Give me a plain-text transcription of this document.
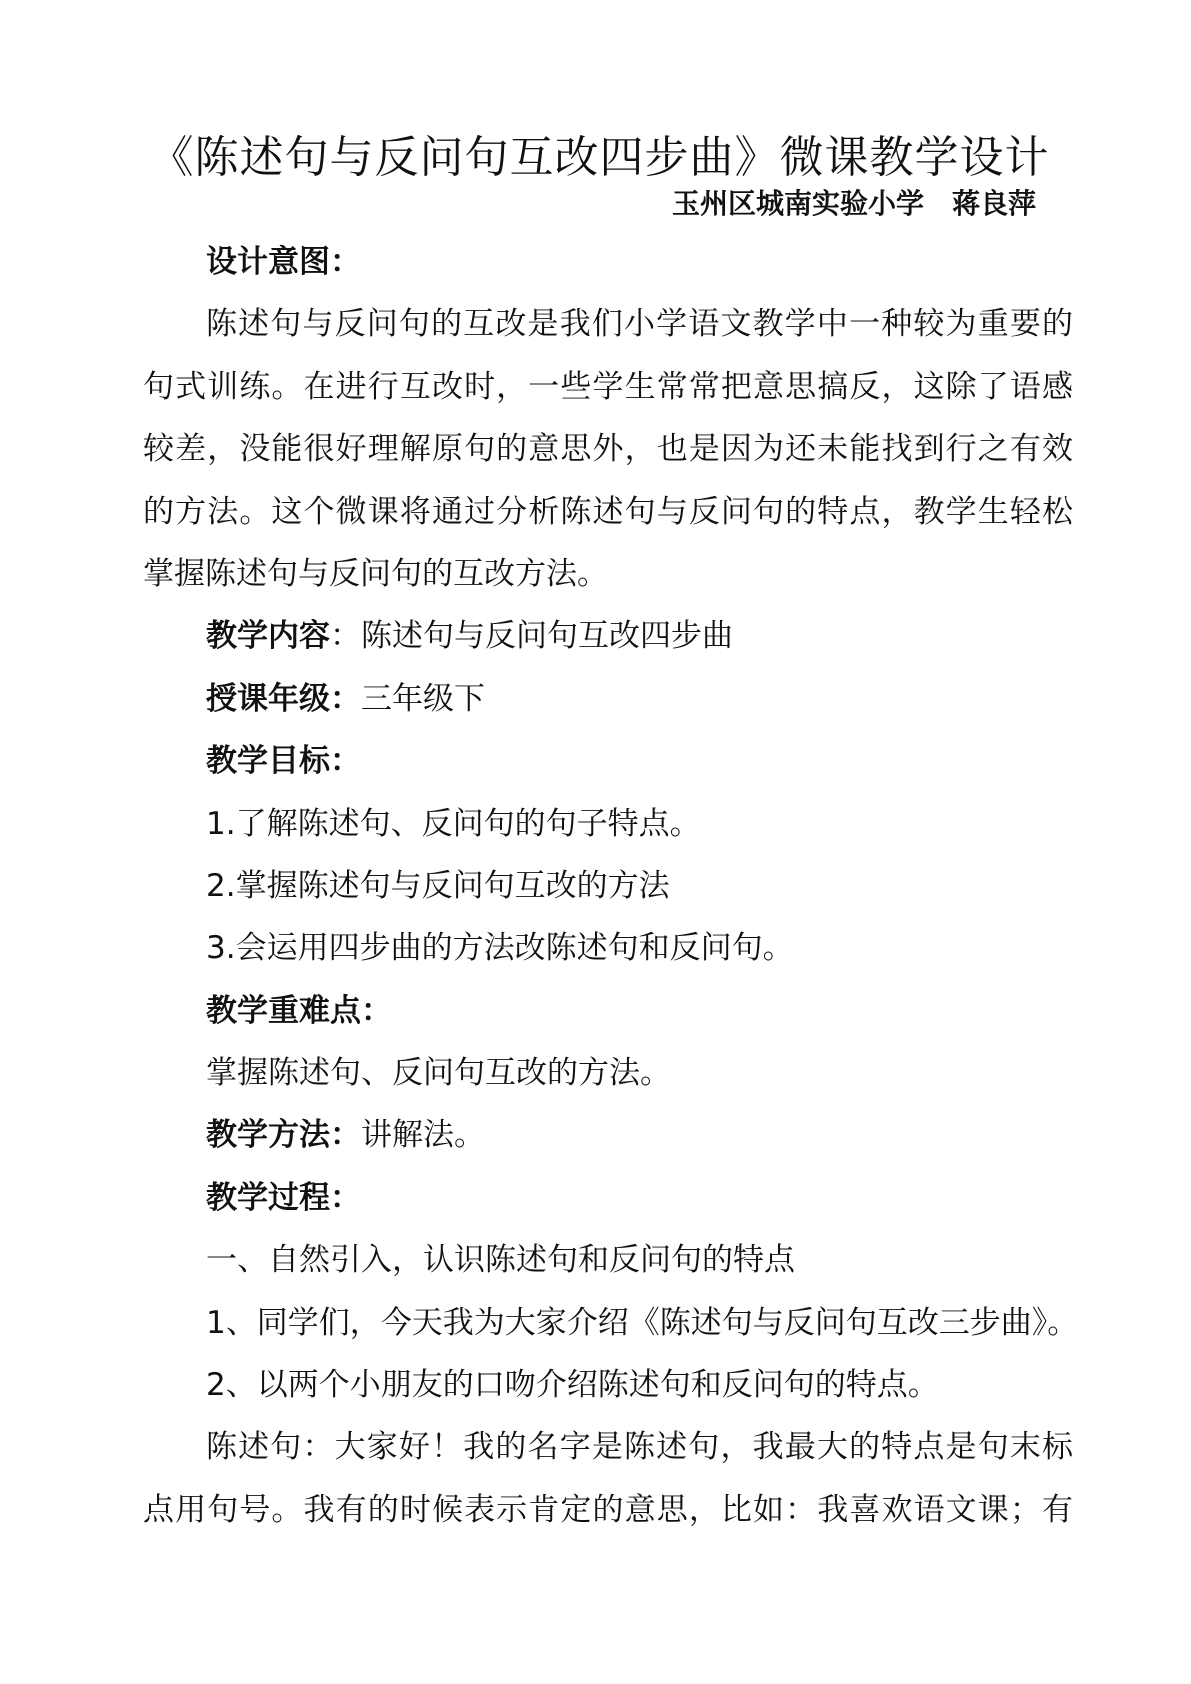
《陈述句与反问句互改四步曲》微课教学设计
玉州区城南实验小学　蒋良萍
设计意图：
陈述句与反问句的互改是我们小学语文教学中一种较为重要的
句式训练。在进行互改时，一些学生常常把意思搞反，这除了语感
较差，没能很好理解原句的意思外，也是因为还未能找到行之有效
的方法。这个微课将通过分析陈述句与反问句的特点，教学生轻松
掌握陈述句与反问句的互改方法。
教学内容：陈述句与反问句互改四步曲
授课年级：三年级下
教学目标：
1.了解陈述句、反问句的句子特点。
2.掌握陈述句与反问句互改的方法
3.会运用四步曲的方法改陈述句和反问句。
教学重难点：
掌握陈述句、反问句互改的方法。
教学方法：讲解法。
教学过程：
一、自然引入，认识陈述句和反问句的特点
1、同学们，今天我为大家介绍《陈述句与反问句互改三步曲》。
2、以两个小朋友的口吻介绍陈述句和反问句的特点。
陈述句：大家好！我的名字是陈述句，我最大的特点是句末标
点用句号。我有的时候表示肯定的意思，比如：我喜欢语文课；有
